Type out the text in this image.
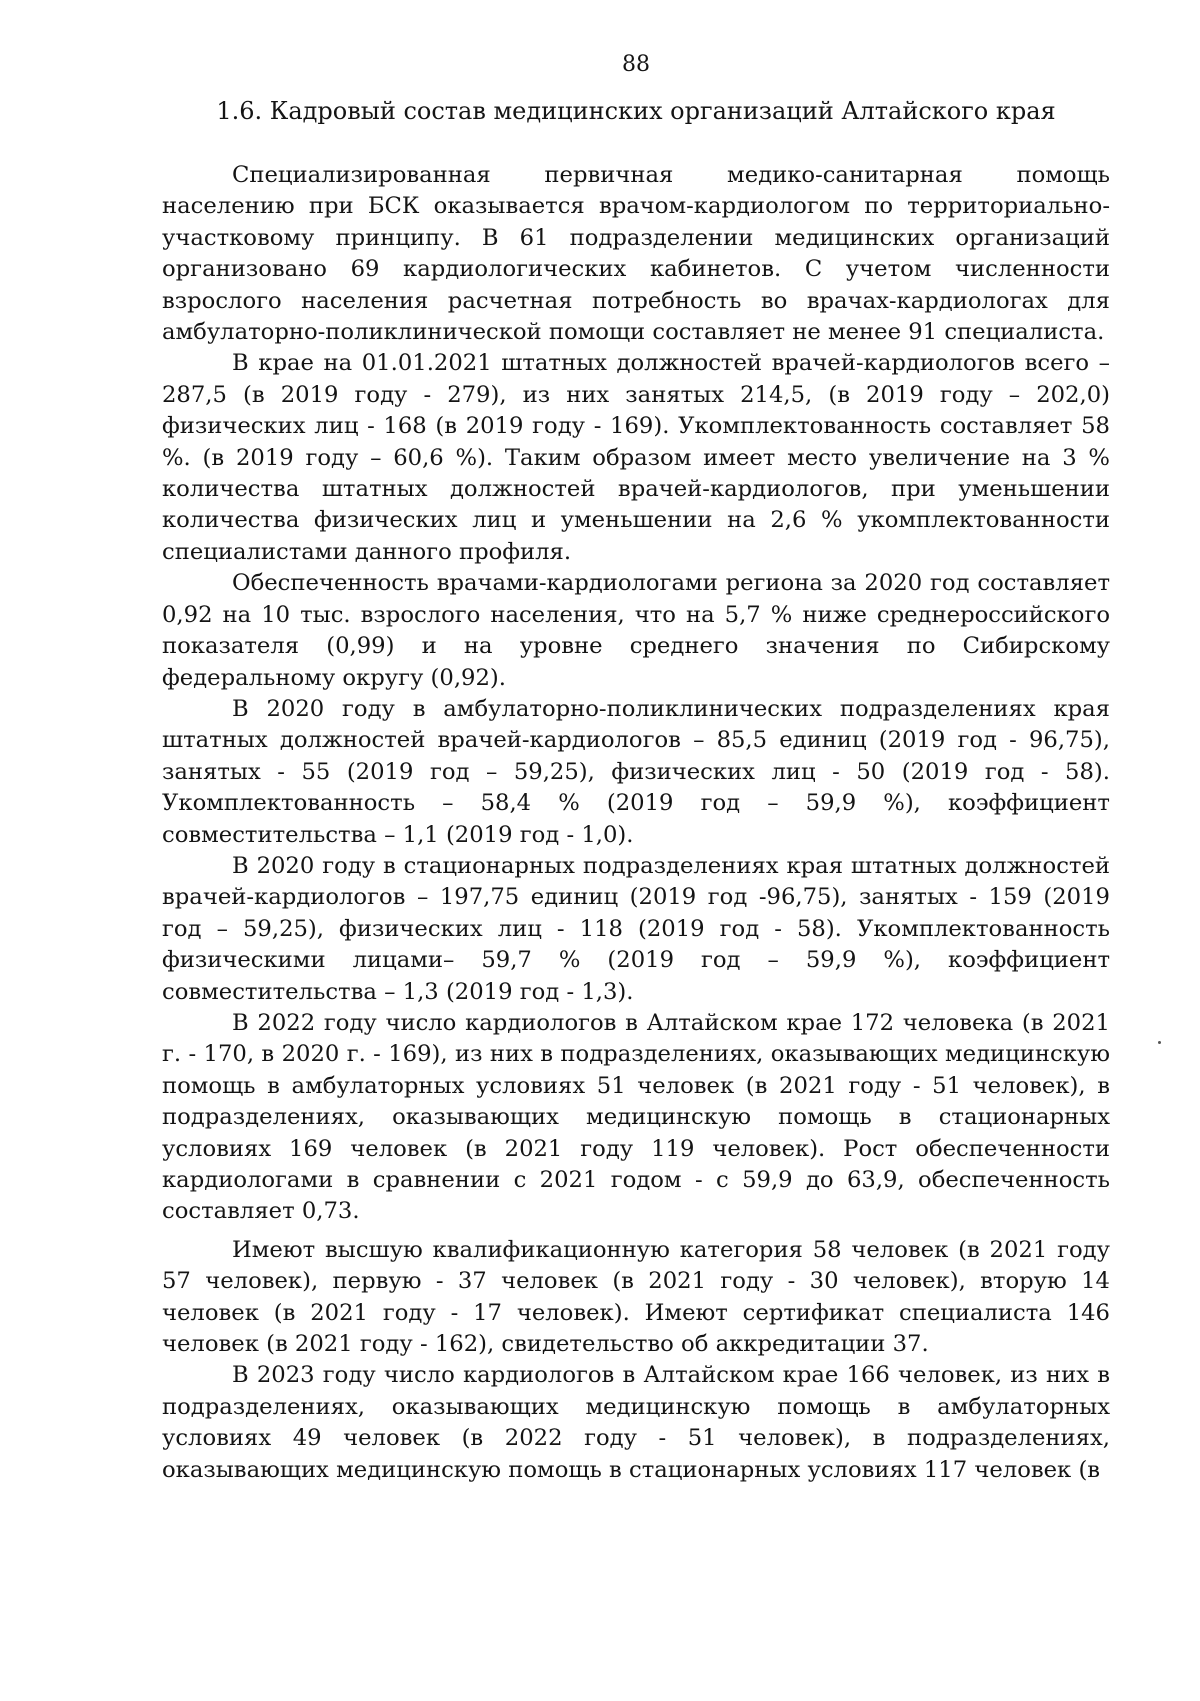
88
1.6. Кадровый состав медицинских организаций Алтайского края

Специализированная первичная медико-санитарная помощь населению при БСК оказывается врачом-кардиологом по территориально-участковому принципу. В 61 подразделении медицинских организаций организовано 69 кардиологических кабинетов. С учетом численности взрослого населения расчетная потребность во врачах-кардиологах для амбулаторно-поликлинической помощи составляет не менее 91 специалиста.

В крае на 01.01.2021 штатных должностей врачей-кардиологов всего – 287,5 (в 2019 году - 279), из них занятых 214,5, (в 2019 году – 202,0) физических лиц - 168 (в 2019 году - 169). Укомплектованность составляет 58 %. (в 2019 году – 60,6 %). Таким образом имеет место увеличение на 3 % количества штатных должностей врачей-кардиологов, при уменьшении количества физических лиц и уменьшении на 2,6 % укомплектованности специалистами данного профиля.

Обеспеченность врачами-кардиологами региона за 2020 год составляет 0,92 на 10 тыс. взрослого населения, что на 5,7 % ниже среднероссийского показателя (0,99) и на уровне среднего значения по Сибирскому федеральному округу (0,92).

В 2020 году в амбулаторно-поликлинических подразделениях края штатных должностей врачей-кардиологов – 85,5 единиц (2019 год - 96,75), занятых - 55 (2019 год – 59,25), физических лиц - 50 (2019 год - 58). Укомплектованность – 58,4 % (2019 год – 59,9 %), коэффициент совместительства – 1,1 (2019 год - 1,0).

В 2020 году в стационарных подразделениях края штатных должностей врачей-кардиологов – 197,75 единиц (2019 год -96,75), занятых - 159 (2019 год – 59,25), физических лиц - 118 (2019 год - 58). Укомплектованность физическими лицами– 59,7 % (2019 год – 59,9 %), коэффициент совместительства – 1,3 (2019 год - 1,3).

В 2022 году число кардиологов в Алтайском крае 172 человека (в 2021 г. - 170, в 2020 г. - 169), из них в подразделениях, оказывающих медицинскую помощь в амбулаторных условиях 51 человек (в 2021 году - 51 человек), в подразделениях, оказывающих медицинскую помощь в стационарных условиях 169 человек (в 2021 году 119 человек). Рост обеспеченности кардиологами в сравнении с 2021 годом - с 59,9 до 63,9, обеспеченность составляет 0,73.

Имеют высшую квалификационную категория 58 человек (в 2021 году 57 человек), первую - 37 человек (в 2021 году - 30 человек), вторую 14 человек (в 2021 году - 17 человек). Имеют сертификат специалиста 146 человек (в 2021 году - 162), свидетельство об аккредитации 37.

В 2023 году число кардиологов в Алтайском крае 166 человек, из них в подразделениях, оказывающих медицинскую помощь в амбулаторных условиях 49 человек (в 2022 году - 51 человек), в подразделениях, оказывающих медицинскую помощь в стационарных условиях 117 человек (в
